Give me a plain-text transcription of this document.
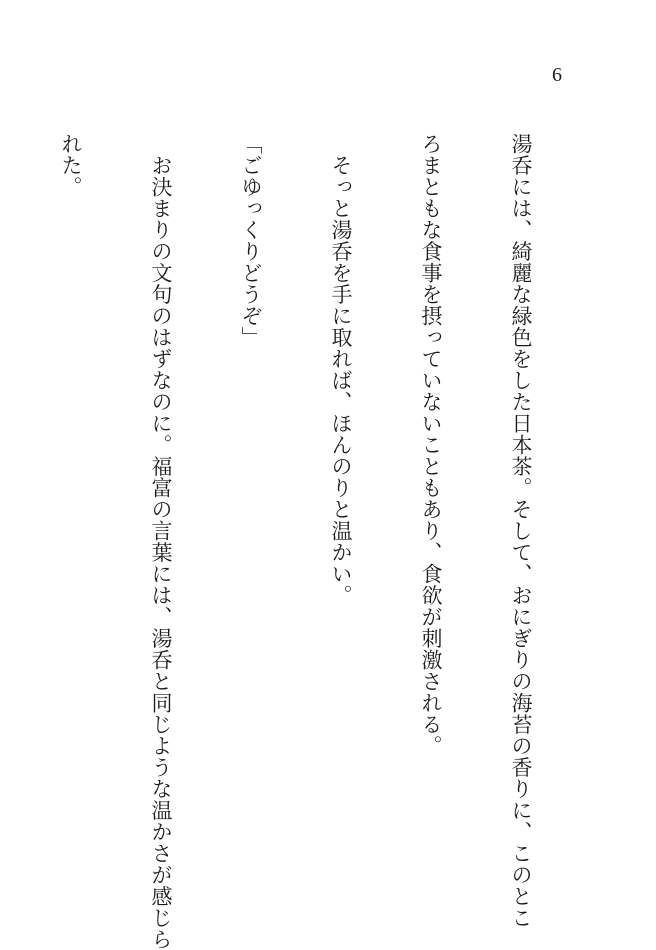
6

湯呑には、綺麗な緑色をした日本茶。そして、おにぎりの海苔の香りに、このとこ

ろまともな食事を摂っていないこともあり、食欲が刺激される。

　そっと湯呑を手に取れば、ほんのりと温かい。

「ごゆっくりどうぞ」

　お決まりの文句のはずなのに。福富の言葉には、湯呑と同じような温かさが感じら

れた。
